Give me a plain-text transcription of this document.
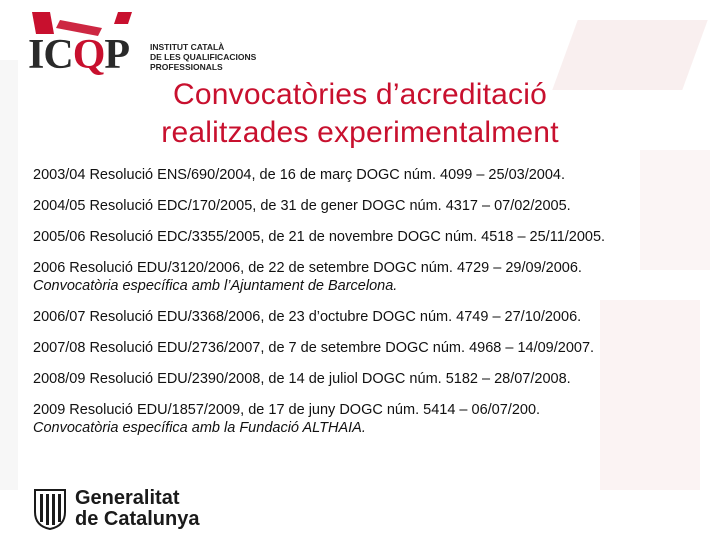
ICQP INSTITUT CATALÀ
DE LES QUALIFICACIONS
PROFESSIONALS
Convocatòries d’acreditació
realitzades experimentalment

2003/04 Resolució ENS/690/2004, de 16 de març DOGC núm. 4099 – 25/03/2004.

2004/05 Resolució EDC/170/2005, de 31 de gener DOGC núm. 4317 – 07/02/2005.

2005/06 Resolució EDC/3355/2005, de 21 de novembre DOGC núm. 4518 – 25/11/2005.

2006 Resolució EDU/3120/2006, de 22 de setembre DOGC núm. 4729 – 29/09/2006.
Convocatòria específica amb l’Ajuntament de Barcelona.

2006/07 Resolució EDU/3368/2006, de 23 d’octubre DOGC núm. 4749 – 27/10/2006.

2007/08 Resolució EDU/2736/2007, de 7 de setembre DOGC núm. 4968 – 14/09/2007.

2008/09 Resolució EDU/2390/2008, de 14 de juliol DOGC núm. 5182 – 28/07/2008.

2009 Resolució EDU/1857/2009, de 17 de juny DOGC núm. 5414 – 06/07/200.
Convocatòria específica amb la Fundació ALTHAIA.

Generalitat
de Catalunya
